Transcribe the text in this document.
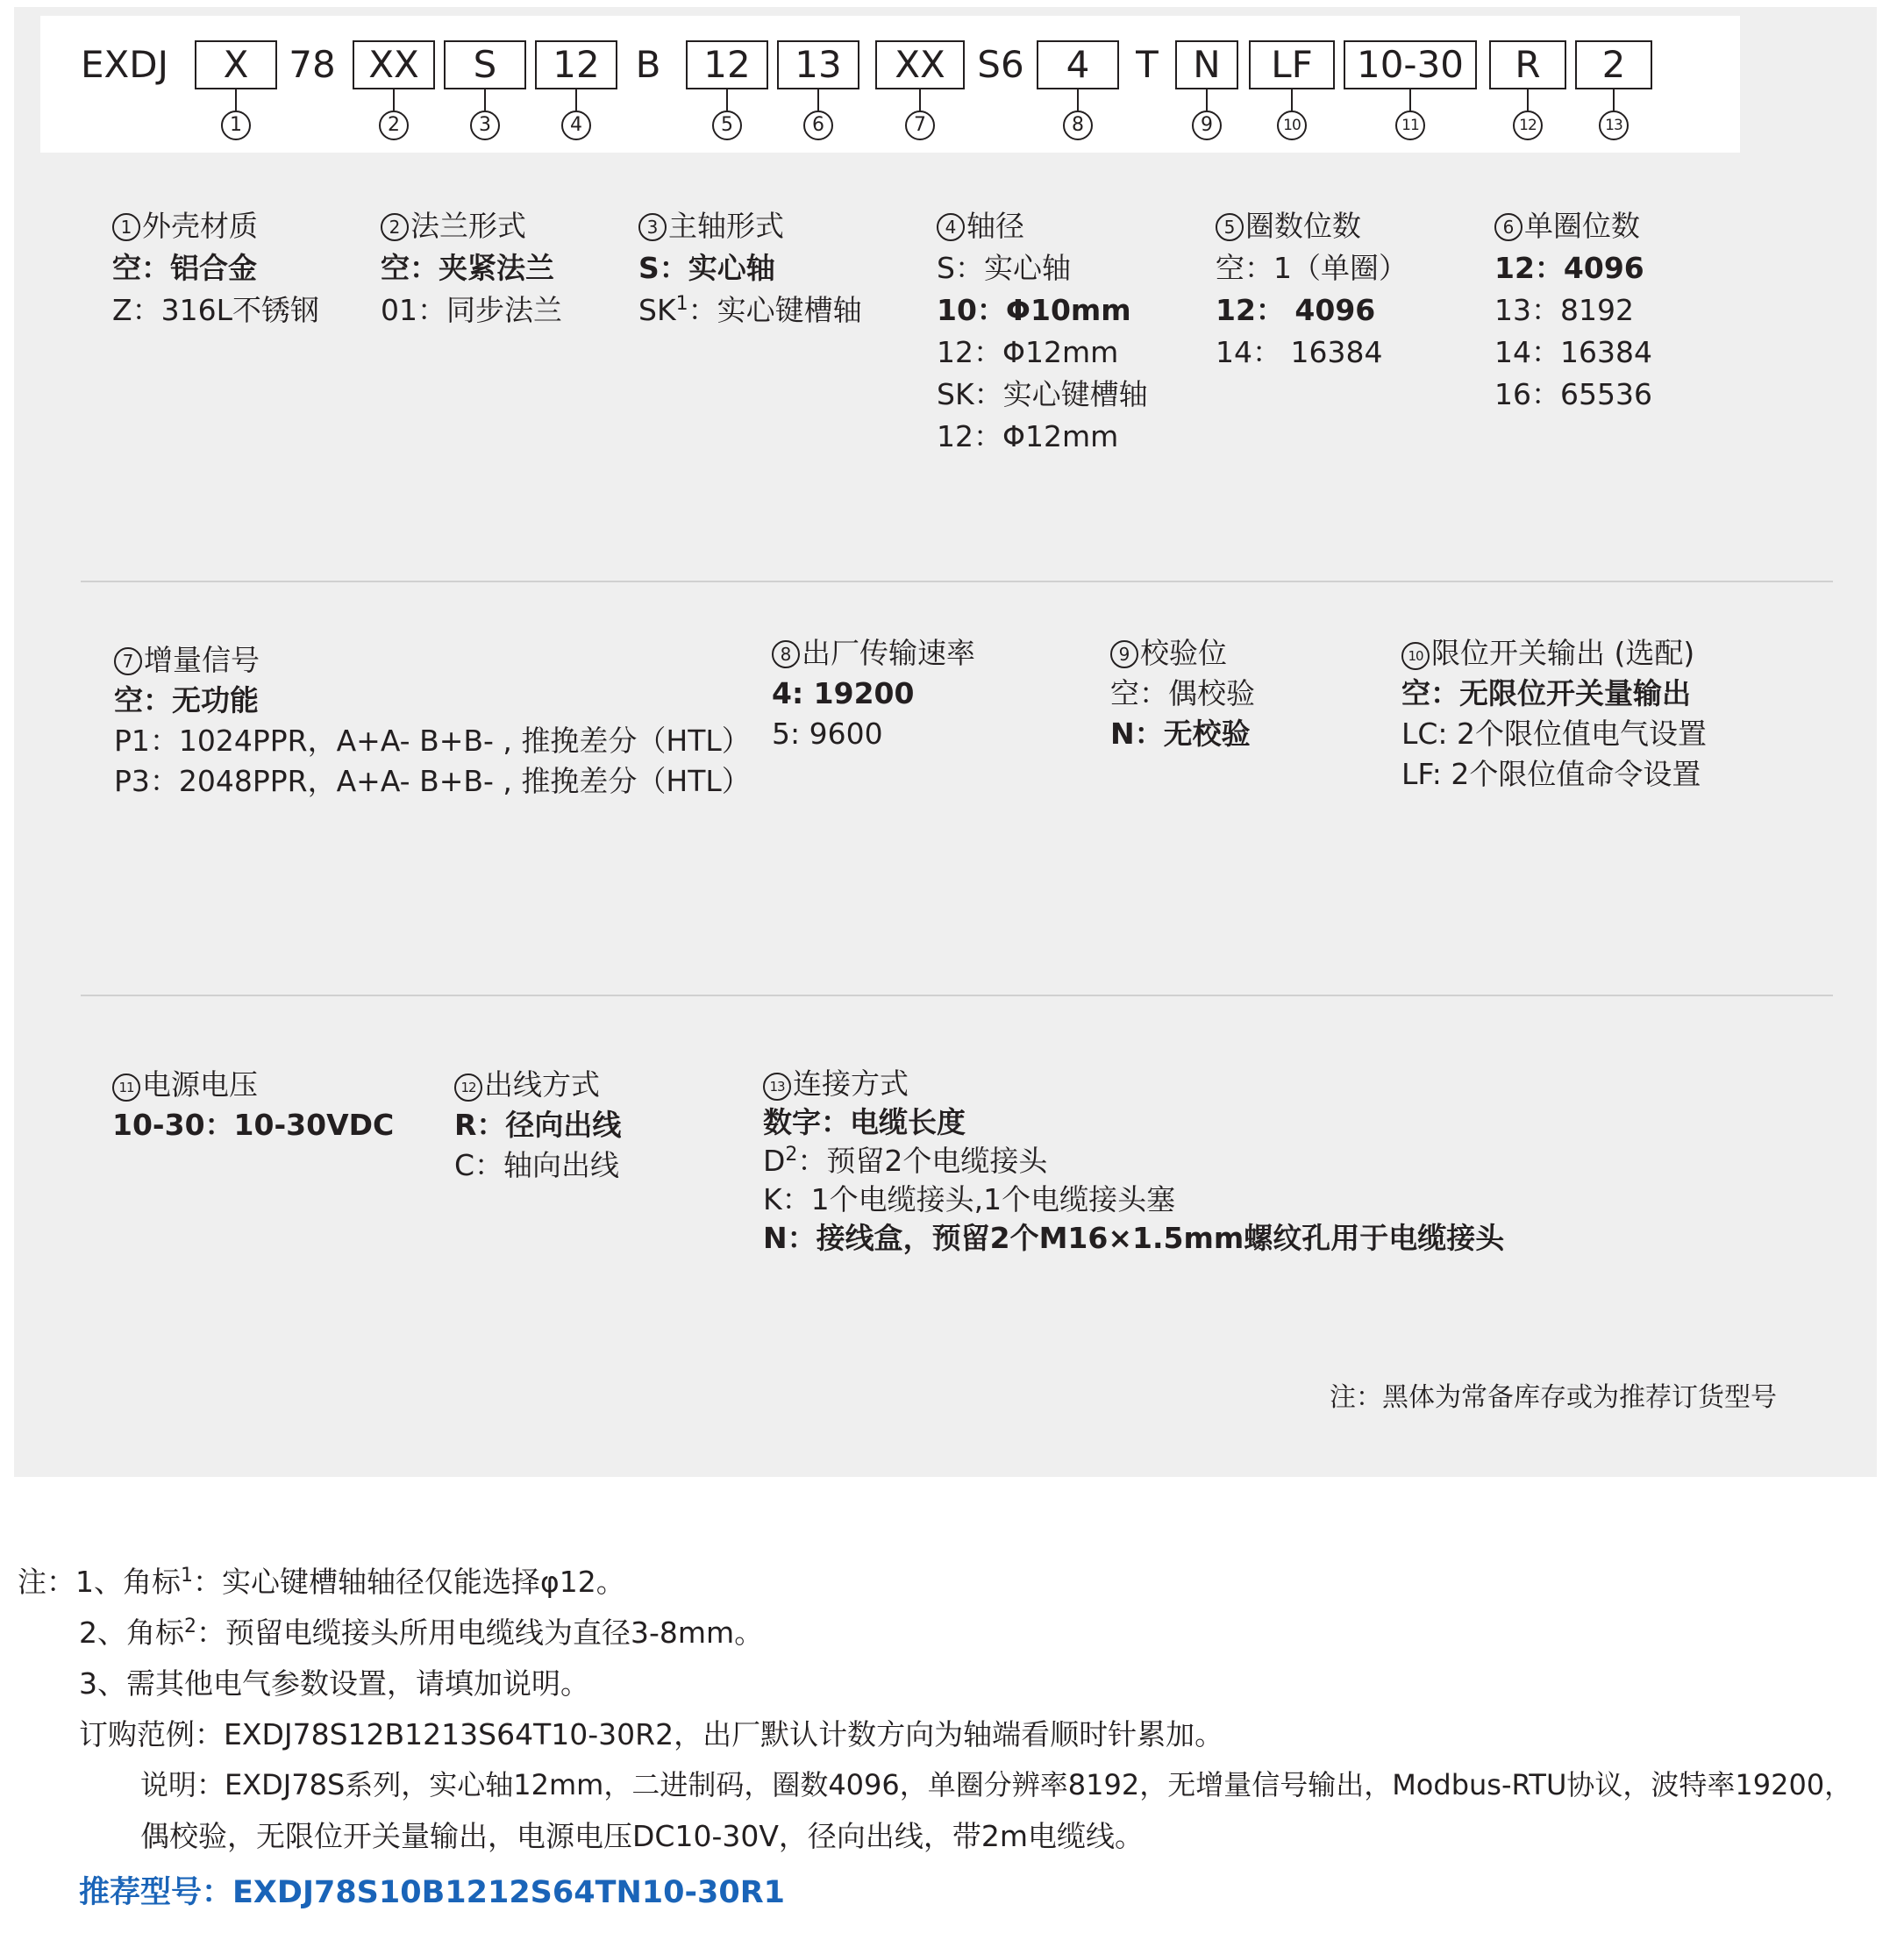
EXDJ	X	78 XX	S	12 B	12	13	XX S6	4	T N	LF	10-30	R	2
1	2	3	4	5	6	7	8	9	10	11	12	13
1 外壳材质
空：铝合金
Z：316L不锈钢
2 法兰形式
空：夹紧法兰
01：同步法兰
3 主轴形式
S：实心轴
$SK^1$：实心键槽轴
4 轴径
S：实心轴
10：Φ10mm
12：Φ12mm
SK：实心键槽轴
12：Φ12mm
5 圈数位数
空：1（单圈）
12： 4096
14： 16384
6 单圈位数
12：4096
13：8192
14：16384
16：65536
7 增量信号
空：无功能
P1：1024PPR，A+A- B+B- , 推挽差分（HTL）
P3：2048PPR，A+A- B+B- , 推挽差分（HTL）
8 出厂传输速率
4: 19200
5: 9600
9 校验位
空：偶校验
N：无校验
10 限位开关输出 (选配)
空：无限位开关量输出
LC: 2个限位值电气设置
LF: 2个限位值命令设置
11 电源电压
10-30：10-30VDC
12 出线方式
R：径向出线
C：轴向出线
13 连接方式
数字：电缆长度
$D^2$：预留2个电缆接头
K：1个电缆接头,1个电缆接头塞
N：接线盒，预留2个M16×1.5mm螺纹孔用于电缆接头
注：黑体为常备库存或为推荐订货型号
注：1、角标$^1$：实心键槽轴轴径仅能选择φ12。
2、角标$^2$：预留电缆接头所用电缆线为直径3-8mm。
3、需其他电气参数设置，请填加说明。
订购范例：EXDJ78S12B1213S64T10-30R2，出厂默认计数方向为轴端看顺时针累加。
说明：EXDJ78S系列，实心轴12mm，二进制码，圈数4096，单圈分辨率8192，无增量信号输出，Modbus-RTU协议，波特率19200，
偶校验，无限位开关量输出，电源电压DC10-30V，径向出线，带2m电缆线。
推荐型号：EXDJ78S10B1212S64TN10-30R1
